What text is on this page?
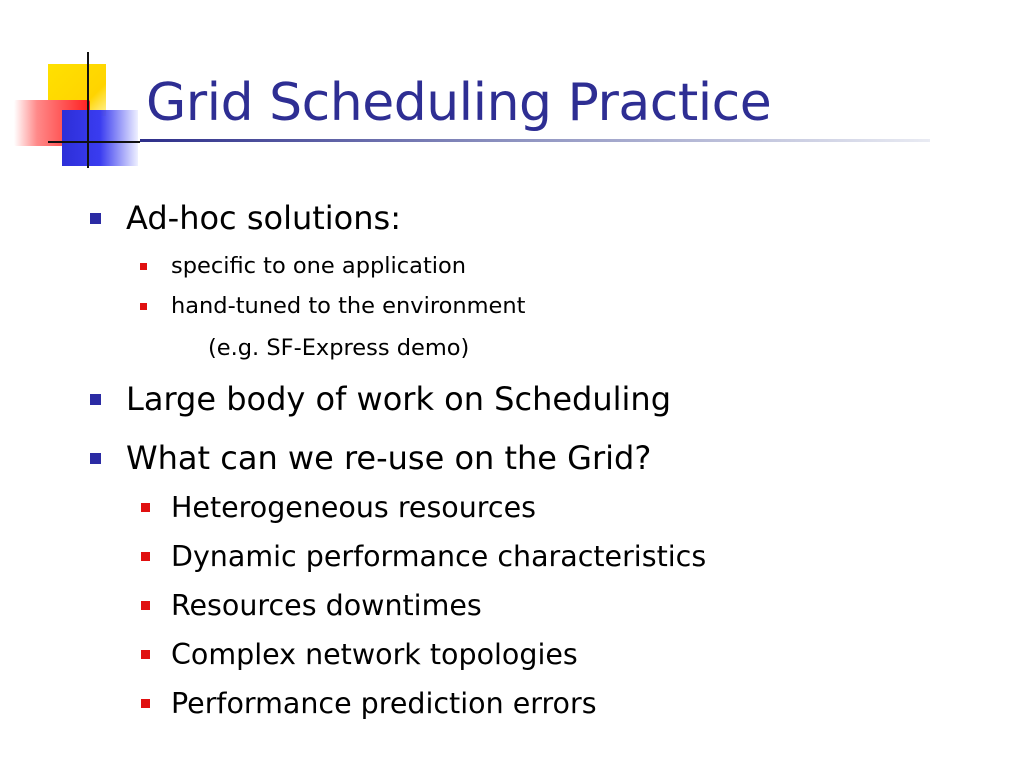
Grid Scheduling Practice
Ad-hoc solutions:
specific to one application
hand-tuned to the environment
(e.g. SF-Express demo)
Large body of work on Scheduling
What can we re-use on the Grid?
Heterogeneous resources
Dynamic performance characteristics
Resources downtimes
Complex network topologies
Performance prediction errors
